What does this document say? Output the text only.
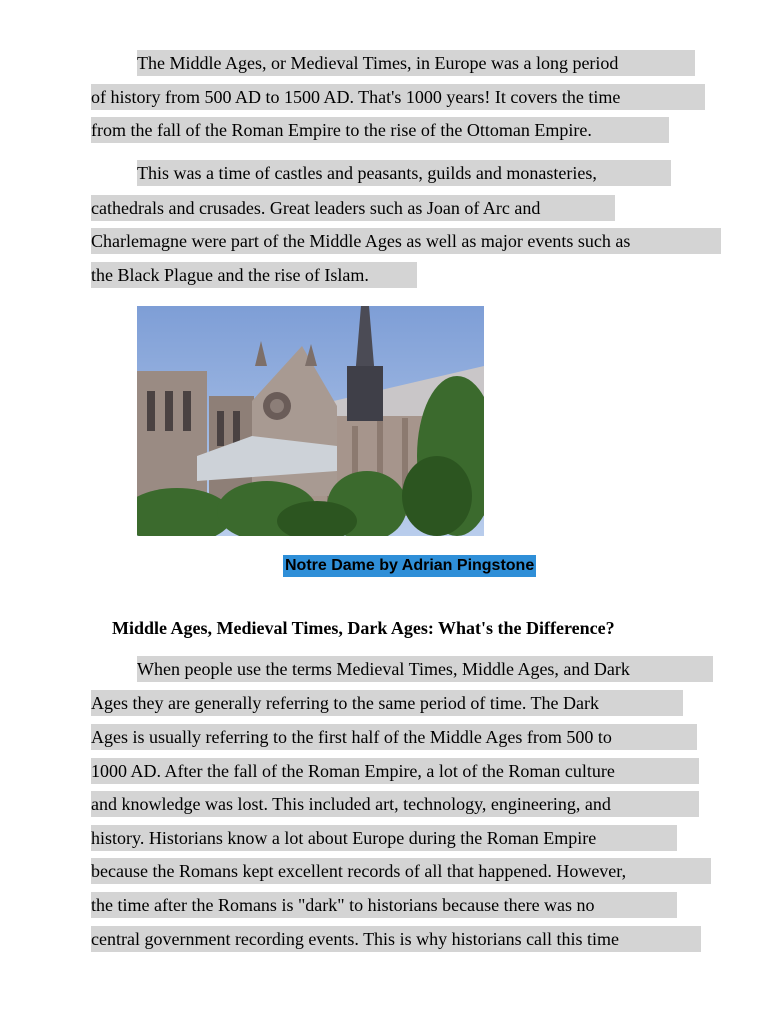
The Middle Ages, or Medieval Times, in Europe was a long period
of history from 500 AD to 1500 AD. That's 1000 years! It covers the time
from the fall of the Roman Empire to the rise of the Ottoman Empire.
This was a time of castles and peasants, guilds and monasteries,
cathedrals and crusades. Great leaders such as Joan of Arc and
Charlemagne were part of the Middle Ages as well as major events such as
the Black Plague and the rise of Islam.
Notre Dame by Adrian Pingstone
Middle Ages, Medieval Times, Dark Ages: What's the Difference?
When people use the terms Medieval Times, Middle Ages, and Dark
Ages they are generally referring to the same period of time. The Dark
Ages is usually referring to the first half of the Middle Ages from 500 to
1000 AD. After the fall of the Roman Empire, a lot of the Roman culture
and knowledge was lost. This included art, technology, engineering, and
history. Historians know a lot about Europe during the Roman Empire
because the Romans kept excellent records of all that happened. However,
the time after the Romans is "dark" to historians because there was no
central government recording events. This is why historians call this time
